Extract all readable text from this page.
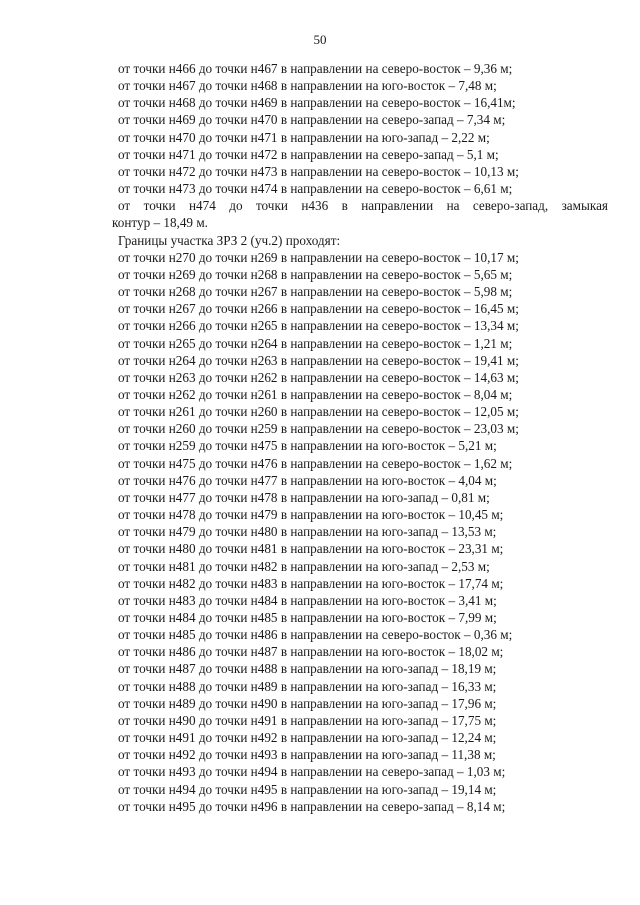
50
от точки н466 до точки н467 в направлении на северо-восток – 9,36 м;
от точки н467 до точки н468 в направлении на юго-восток – 7,48 м;
от точки н468 до точки н469 в направлении на северо-восток – 16,41м;
от точки н469 до точки н470 в направлении на северо-запад – 7,34 м;
от точки н470 до точки н471 в направлении на юго-запад – 2,22 м;
от точки н471 до точки н472 в направлении на северо-запад – 5,1 м;
от точки н472 до точки н473 в направлении на северо-восток – 10,13 м;
от точки н473 до точки н474 в направлении на северо-восток – 6,61 м;
от точки н474 до точки н436 в направлении на северо-запад, замыкая
контур – 18,49 м.
Границы участка ЗРЗ 2 (уч.2) проходят:
от точки н270 до точки н269 в направлении на северо-восток – 10,17 м;
от точки н269 до точки н268 в направлении на северо-восток – 5,65 м;
от точки н268 до точки н267 в направлении на северо-восток – 5,98 м;
от точки н267 до точки н266 в направлении на северо-восток – 16,45 м;
от точки н266 до точки н265 в направлении на северо-восток – 13,34 м;
от точки н265 до точки н264 в направлении на северо-восток – 1,21 м;
от точки н264 до точки н263 в направлении на северо-восток – 19,41 м;
от точки н263 до точки н262 в направлении на северо-восток – 14,63 м;
от точки н262 до точки н261 в направлении на северо-восток – 8,04 м;
от точки н261 до точки н260 в направлении на северо-восток – 12,05 м;
от точки н260 до точки н259 в направлении на северо-восток – 23,03 м;
от точки н259 до точки н475 в направлении на юго-восток – 5,21 м;
от точки н475 до точки н476 в направлении на северо-восток – 1,62 м;
от точки н476 до точки н477 в направлении на юго-восток – 4,04 м;
от точки н477 до точки н478 в направлении на юго-запад – 0,81 м;
от точки н478 до точки н479 в направлении на юго-восток – 10,45 м;
от точки н479 до точки н480 в направлении на юго-запад – 13,53 м;
от точки н480 до точки н481 в направлении на юго-восток – 23,31 м;
от точки н481 до точки н482 в направлении на юго-запад – 2,53 м;
от точки н482 до точки н483 в направлении на юго-восток – 17,74 м;
от точки н483 до точки н484 в направлении на юго-восток – 3,41 м;
от точки н484 до точки н485 в направлении на юго-восток – 7,99 м;
от точки н485 до точки н486 в направлении на северо-восток – 0,36 м;
от точки н486 до точки н487 в направлении на юго-восток – 18,02 м;
от точки н487 до точки н488 в направлении на юго-запад – 18,19 м;
от точки н488 до точки н489 в направлении на юго-запад – 16,33 м;
от точки н489 до точки н490 в направлении на юго-запад – 17,96 м;
от точки н490 до точки н491 в направлении на юго-запад – 17,75 м;
от точки н491 до точки н492 в направлении на юго-запад – 12,24 м;
от точки н492 до точки н493 в направлении на юго-запад – 11,38 м;
от точки н493 до точки н494 в направлении на северо-запад – 1,03 м;
от точки н494 до точки н495 в направлении на юго-запад – 19,14 м;
от точки н495 до точки н496 в направлении на северо-запад – 8,14 м;
